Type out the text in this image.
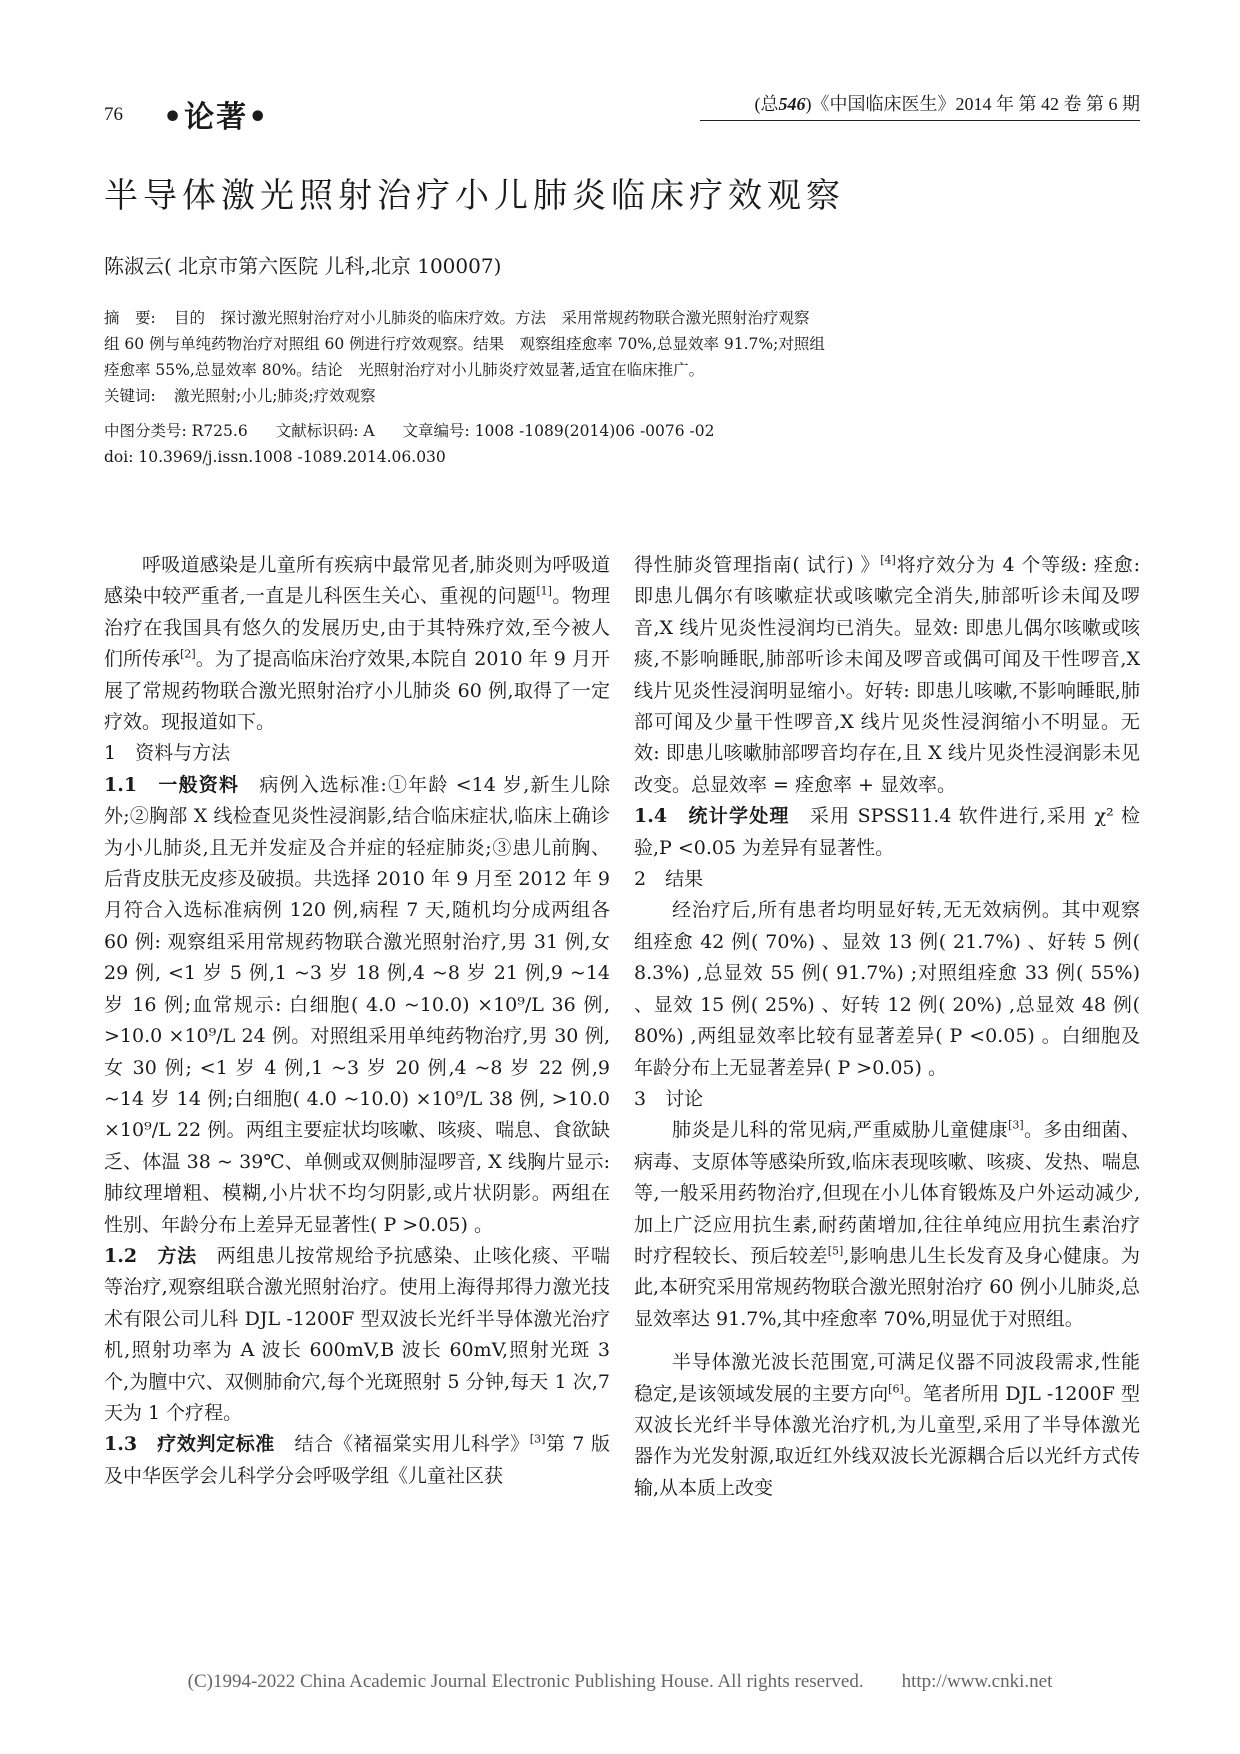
76 •论著•	(总546)《中国临床医生》2014 年 第 42 卷 第 6 期
半导体激光照射治疗小儿肺炎临床疗效观察
陈淑云( 北京市第六医院 儿科,北京 100007)
摘　要: 目的　探讨激光照射治疗对小儿肺炎的临床疗效。方法　采用常规药物联合激光照射治疗观察
组 60 例与单纯药物治疗对照组 60 例进行疗效观察。结果　观察组痊愈率 70%,总显效率 91.7%;对照组
痊愈率 55%,总显效率 80%。结论　光照射治疗对小儿肺炎疗效显著,适宜在临床推广。
关键词: 激光照射;小儿;肺炎;疗效观察
中图分类号: R725.6 文献标识码: A 文章编号: 1008 -1089(2014)06 -0076 -02
doi: 10.3969/j.issn.1008 -1089.2014.06.030

呼吸道感染是儿童所有疾病中最常见者,肺炎则为呼吸道感染中较严重者,一直是儿科医生关心、重视的问题[1]。物理治疗在我国具有悠久的发展历史,由于其特殊疗效,至今被人们所传承[2]。为了提高临床治疗效果,本院自 2010 年 9 月开展了常规药物联合激光照射治疗小儿肺炎 60 例,取得了一定疗效。现报道如下。

1　资料与方法

1.1　一般资料　 病例入选标准:①年龄 <14 岁,新生儿除外;②胸部 X 线检查见炎性浸润影,结合临床症状,临床上确诊为小儿肺炎,且无并发症及合并症的轻症肺炎;③患儿前胸、后背皮肤无皮疹及破损。共选择 2010 年 9 月至 2012 年 9 月符合入选标准病例 120 例,病程 7 天,随机均分成两组各 60 例: 观察组采用常规药物联合激光照射治疗,男 31 例,女 29 例, <1 岁 5 例,1 ~3 岁 18 例,4 ~8 岁 21 例,9 ~14 岁 16 例;血常规示: 白细胞( 4.0 ~10.0) ×10⁹/L 36 例, >10.0 ×10⁹/L 24 例。对照组采用单纯药物治疗,男 30 例,女 30 例; <1 岁 4 例,1 ~3 岁 20 例,4 ~8 岁 22 例,9 ~14 岁 14 例;白细胞( 4.0 ~10.0) ×10⁹/L 38 例, >10.0 ×10⁹/L 22 例。两组主要症状均咳嗽、咳痰、喘息、食欲缺乏、体温 38 ~ 39℃、单侧或双侧肺湿啰音, X 线胸片显示: 肺纹理增粗、模糊,小片状不均匀阴影,或片状阴影。两组在性别、年龄分布上差异无显著性( P >0.05) 。

1.2　方法　 两组患儿按常规给予抗感染、止咳化痰、平喘等治疗,观察组联合激光照射治疗。使用上海得邦得力激光技术有限公司儿科 DJL -1200F 型双波长光纤半导体激光治疗机,照射功率为 A 波长 600mV,B 波长 60mV,照射光斑 3 个,为膻中穴、双侧肺俞穴,每个光斑照射 5 分钟,每天 1 次,7 天为 1 个疗程。

1.3　疗效判定标准　 结合《褚福棠实用儿科学》[3]第 7 版及中华医学会儿科学分会呼吸学组《儿童社区获

得性肺炎管理指南( 试行) 》[4]将疗效分为 4 个等级: 痊愈: 即患儿偶尔有咳嗽症状或咳嗽完全消失,肺部听诊未闻及啰音,X 线片见炎性浸润均已消失。显效: 即患儿偶尔咳嗽或咳痰,不影响睡眠,肺部听诊未闻及啰音或偶可闻及干性啰音,X 线片见炎性浸润明显缩小。好转: 即患儿咳嗽,不影响睡眠,肺部可闻及少量干性啰音,X 线片见炎性浸润缩小不明显。无效: 即患儿咳嗽肺部啰音均存在,且 X 线片见炎性浸润影未见改变。总显效率 = 痊愈率 + 显效率。

1.4　统计学处理　 采用 SPSS11.4 软件进行,采用 χ² 检验,P <0.05 为差异有显著性。

2　结果

经治疗后,所有患者均明显好转,无无效病例。其中观察组痊愈 42 例( 70%) 、显效 13 例( 21.7%) 、好转 5 例( 8.3%) ,总显效 55 例( 91.7%) ;对照组痊愈 33 例( 55%) 、显效 15 例( 25%) 、好转 12 例( 20%) ,总显效 48 例( 80%) ,两组显效率比较有显著差异( P <0.05) 。白细胞及年龄分布上无显著差异( P >0.05) 。

3　讨论

肺炎是儿科的常见病,严重威胁儿童健康[3]。多由细菌、病毒、支原体等感染所致,临床表现咳嗽、咳痰、发热、喘息等,一般采用药物治疗,但现在小儿体育锻炼及户外运动减少,加上广泛应用抗生素,耐药菌增加,往往单纯应用抗生素治疗时疗程较长、预后较差[5],影响患儿生长发育及身心健康。为此,本研究采用常规药物联合激光照射治疗 60 例小儿肺炎,总显效率达 91.7%,其中痊愈率 70%,明显优于对照组。

半导体激光波长范围宽,可满足仪器不同波段需求,性能稳定,是该领域发展的主要方向[6]。笔者所用 DJL -1200F 型双波长光纤半导体激光治疗机,为儿童型,采用了半导体激光器作为光发射源,取近红外线双波长光源耦合后以光纤方式传输,从本质上改变

(C)1994-2022 China Academic Journal Electronic Publishing House. All rights reserved.　　http://www.cnki.net
